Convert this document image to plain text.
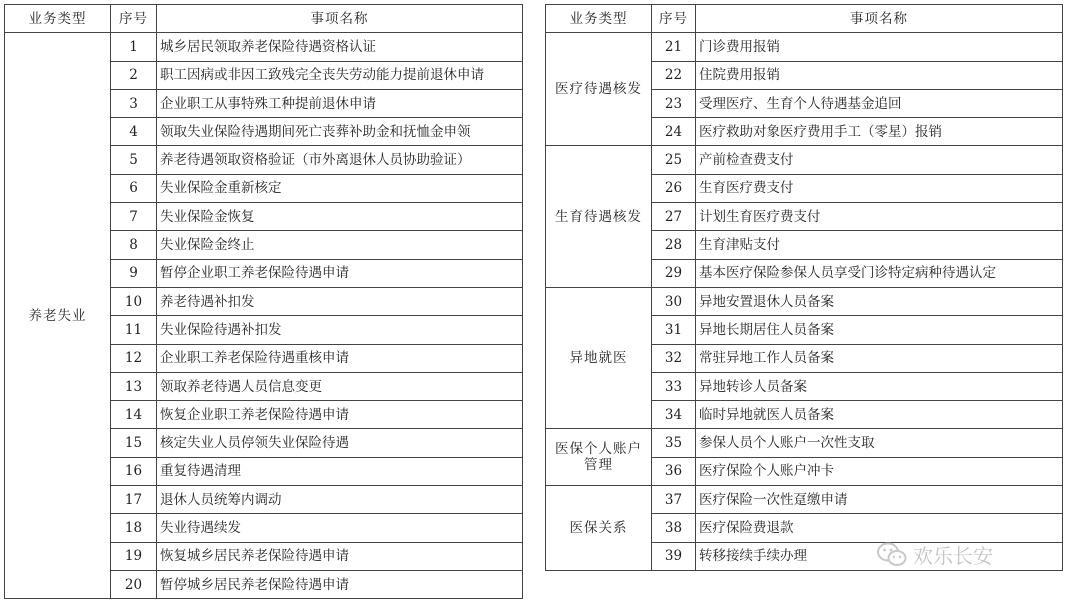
业务类型	序号	事项名称
养老失业	1	城乡居民领取养老保险待遇资格认证
	2	职工因病或非因工致残完全丧失劳动能力提前退休申请
	3	企业职工从事特殊工种提前退休申请
	4	领取失业保险待遇期间死亡丧葬补助金和抚恤金申领
	5	养老待遇领取资格验证（市外离退休人员协助验证）
	6	失业保险金重新核定
	7	失业保险金恢复
	8	失业保险金终止
	9	暂停企业职工养老保险待遇申请
	10	养老待遇补扣发
	11	失业保险待遇补扣发
	12	企业职工养老保险待遇重核申请
	13	领取养老待遇人员信息变更
	14	恢复企业职工养老保险待遇申请
	15	核定失业人员停领失业保险待遇
	16	重复待遇清理
	17	退休人员统筹内调动
	18	失业待遇续发
	19	恢复城乡居民养老保险待遇申请
	20	暂停城乡居民养老保险待遇申请
业务类型	序号	事项名称
医疗待遇核发	21	门诊费用报销
	22	住院费用报销
	23	受理医疗、生育个人待遇基金追回
	24	医疗救助对象医疗费用手工（零星）报销
生育待遇核发	25	产前检查费支付
	26	生育医疗费支付
	27	计划生育医疗费支付
	28	生育津贴支付
	29	基本医疗保险参保人员享受门诊特定病种待遇认定
异地就医	30	异地安置退休人员备案
	31	异地长期居住人员备案
	32	常驻异地工作人员备案
	33	异地转诊人员备案
	34	临时异地就医人员备案
医保个人账户管理	35	参保人员个人账户一次性支取
	36	医疗保险个人账户冲卡
医保关系	37	医疗保险一次性趸缴申请
	38	医疗保险费退款
	39	转移接续手续办理	欢乐长安
